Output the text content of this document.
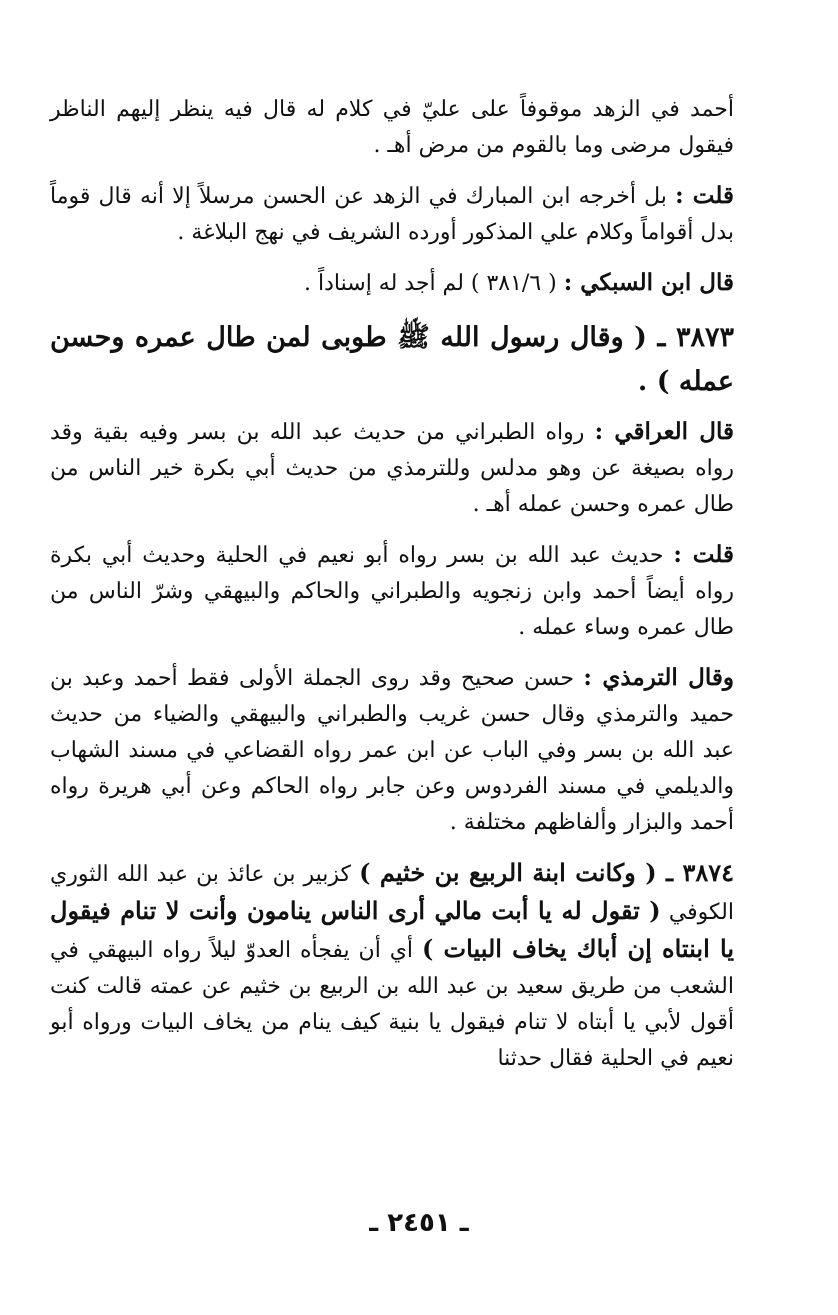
أحمد في الزهد موقوفاً على عليّ في كلام له قال فيه ينظر إليهم الناظر فيقول مرضى وما بالقوم من مرض أهـ .

قلت : بل أخرجه ابن المبارك في الزهد عن الحسن مرسلاً إلا أنه قال قوماً بدل أقواماً وكلام علي المذكور أورده الشريف في نهج البلاغة .

قال ابن السبكي : ( ٣٨١/٦ ) لم أجد له إسناداً .

٣٨٧٣ ـ ( وقال رسول الله ﷺ طوبى لمن طال عمره وحسن عمله ) .

قال العراقي : رواه الطبراني من حديث عبد الله بن بسر وفيه بقية وقد رواه بصيغة عن وهو مدلس وللترمذي من حديث أبي بكرة خير الناس من طال عمره وحسن عمله أهـ .

قلت : حديث عبد الله بن بسر رواه أبو نعيم في الحلية وحديث أبي بكرة رواه أيضاً أحمد وابن زنجويه والطبراني والحاكم والبيهقي وشرّ الناس من طال عمره وساء عمله .

وقال الترمذي : حسن صحيح وقد روى الجملة الأولى فقط أحمد وعبد بن حميد والترمذي وقال حسن غريب والطبراني والبيهقي والضياء من حديث عبد الله بن بسر وفي الباب عن ابن عمر رواه القضاعي في مسند الشهاب والديلمي في مسند الفردوس وعن جابر رواه الحاكم وعن أبي هريرة رواه أحمد والبزار وألفاظهم مختلفة .

٣٨٧٤ ـ ( وكانت ابنة الربيع بن خثيم ) كزبير بن عائذ بن عبد الله الثوري الكوفي ( تقول له يا أبت مالي أرى الناس ينامون وأنت لا تنام فيقول يا ابنتاه إن أباك يخاف البيات ) أي أن يفجأه العدوّ ليلاً رواه البيهقي في الشعب من طريق سعيد بن عبد الله بن الربيع بن خثيم عن عمته قالت كنت أقول لأبي يا أبتاه لا تنام فيقول يا بنية كيف ينام من يخاف البيات ورواه أبو نعيم في الحلية فقال حدثنا

ـ ٢٤٥١ ـ
